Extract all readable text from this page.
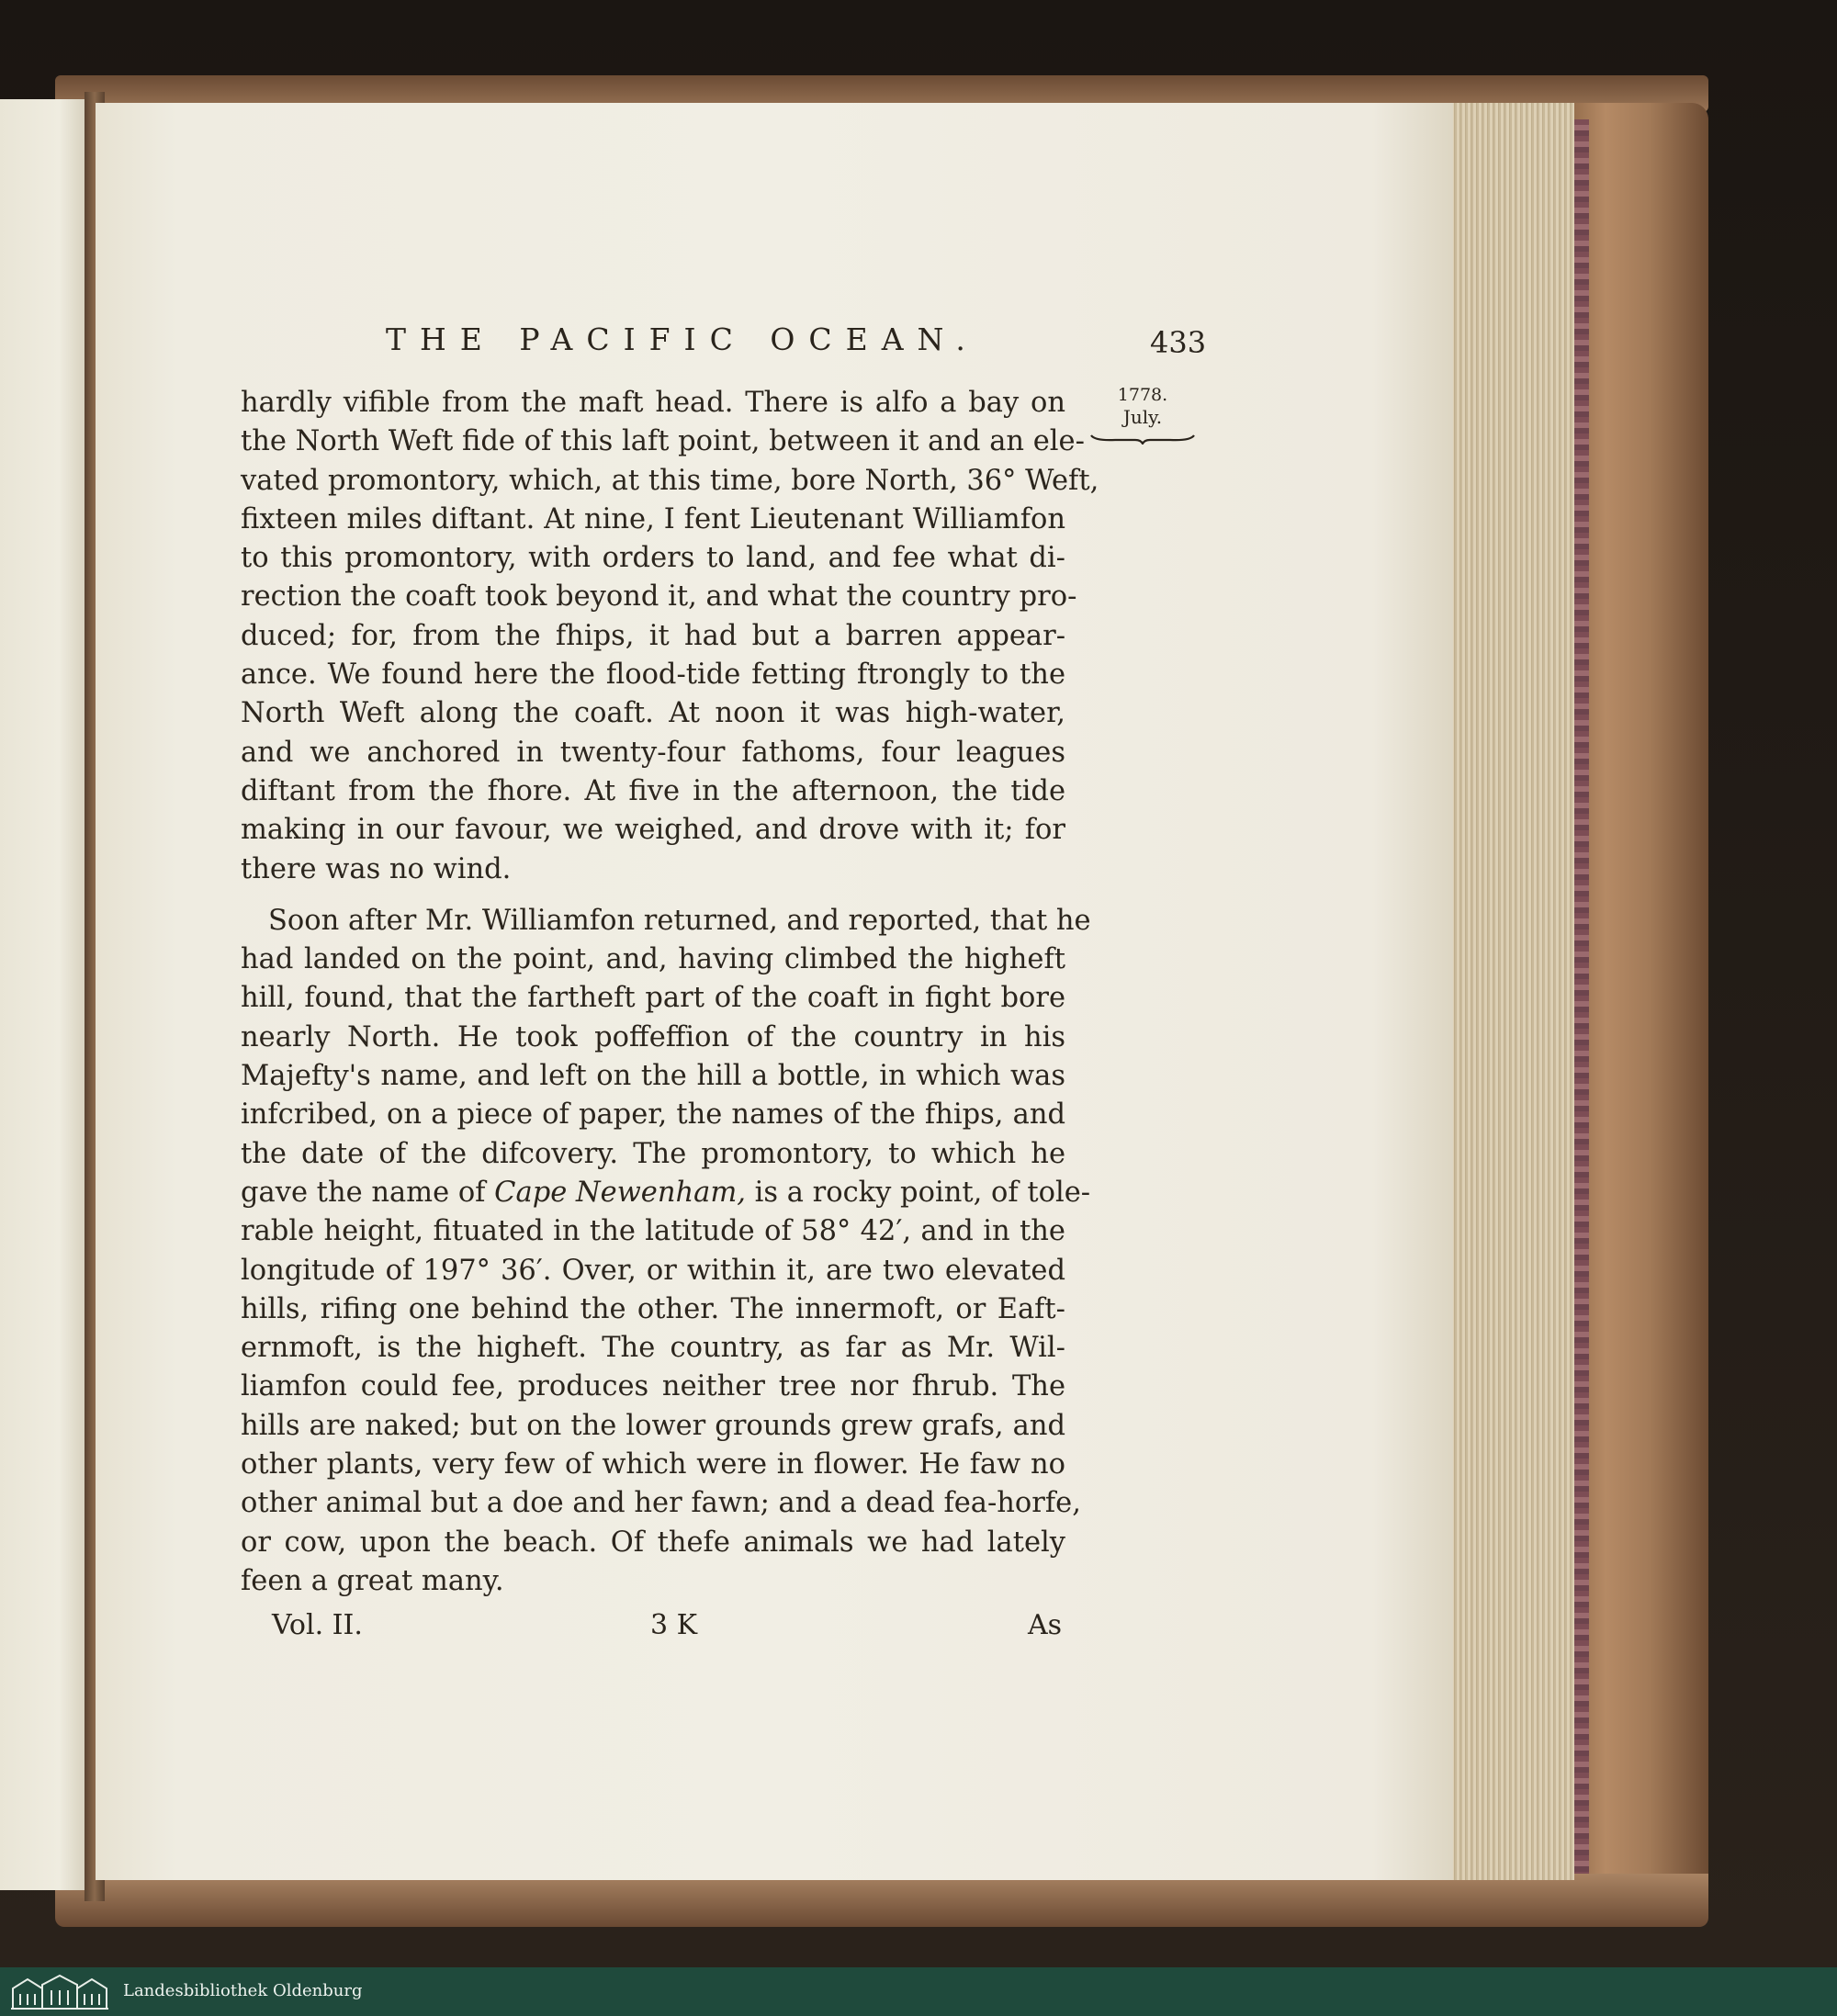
THE PACIFIC OCEAN.	433
1778.
July.
hardly vifible from the maft head. There is alfo a bay on
the North Weft fide of this laft point, between it and an ele-
vated promontory, which, at this time, bore North, 36° Weft,
fixteen miles diftant. At nine, I fent Lieutenant Williamfon
to this promontory, with orders to land, and fee what di-
rection the coaft took beyond it, and what the country pro-
duced; for, from the fhips, it had but a barren appear-
ance. We found here the flood-tide fetting ftrongly to the
North Weft along the coaft. At noon it was high-water,
and we anchored in twenty-four fathoms, four leagues
diftant from the fhore. At five in the afternoon, the tide
making in our favour, we weighed, and drove with it; for
there was no wind.
Soon after Mr. Williamfon returned, and reported, that he
had landed on the point, and, having climbed the higheft
hill, found, that the fartheft part of the coaft in fight bore
nearly North. He took poffeffion of the country in his
Majefty's name, and left on the hill a bottle, in which was
infcribed, on a piece of paper, the names of the fhips, and
the date of the difcovery. The promontory, to which he
gave the name of Cape Newenham, is a rocky point, of tole-
rable height, fituated in the latitude of 58° 42′, and in the
longitude of 197° 36′. Over, or within it, are two elevated
hills, rifing one behind the other. The innermoft, or Eaft-
ernmoft, is the higheft. The country, as far as Mr. Wil-
liamfon could fee, produces neither tree nor fhrub. The
hills are naked; but on the lower grounds grew grafs, and
other plants, very few of which were in flower. He faw no
other animal but a doe and her fawn; and a dead fea-horfe,
or cow, upon the beach. Of thefe animals we had lately
feen a great many.
Vol. II.	3 K	As
Landesbibliothek Oldenburg
